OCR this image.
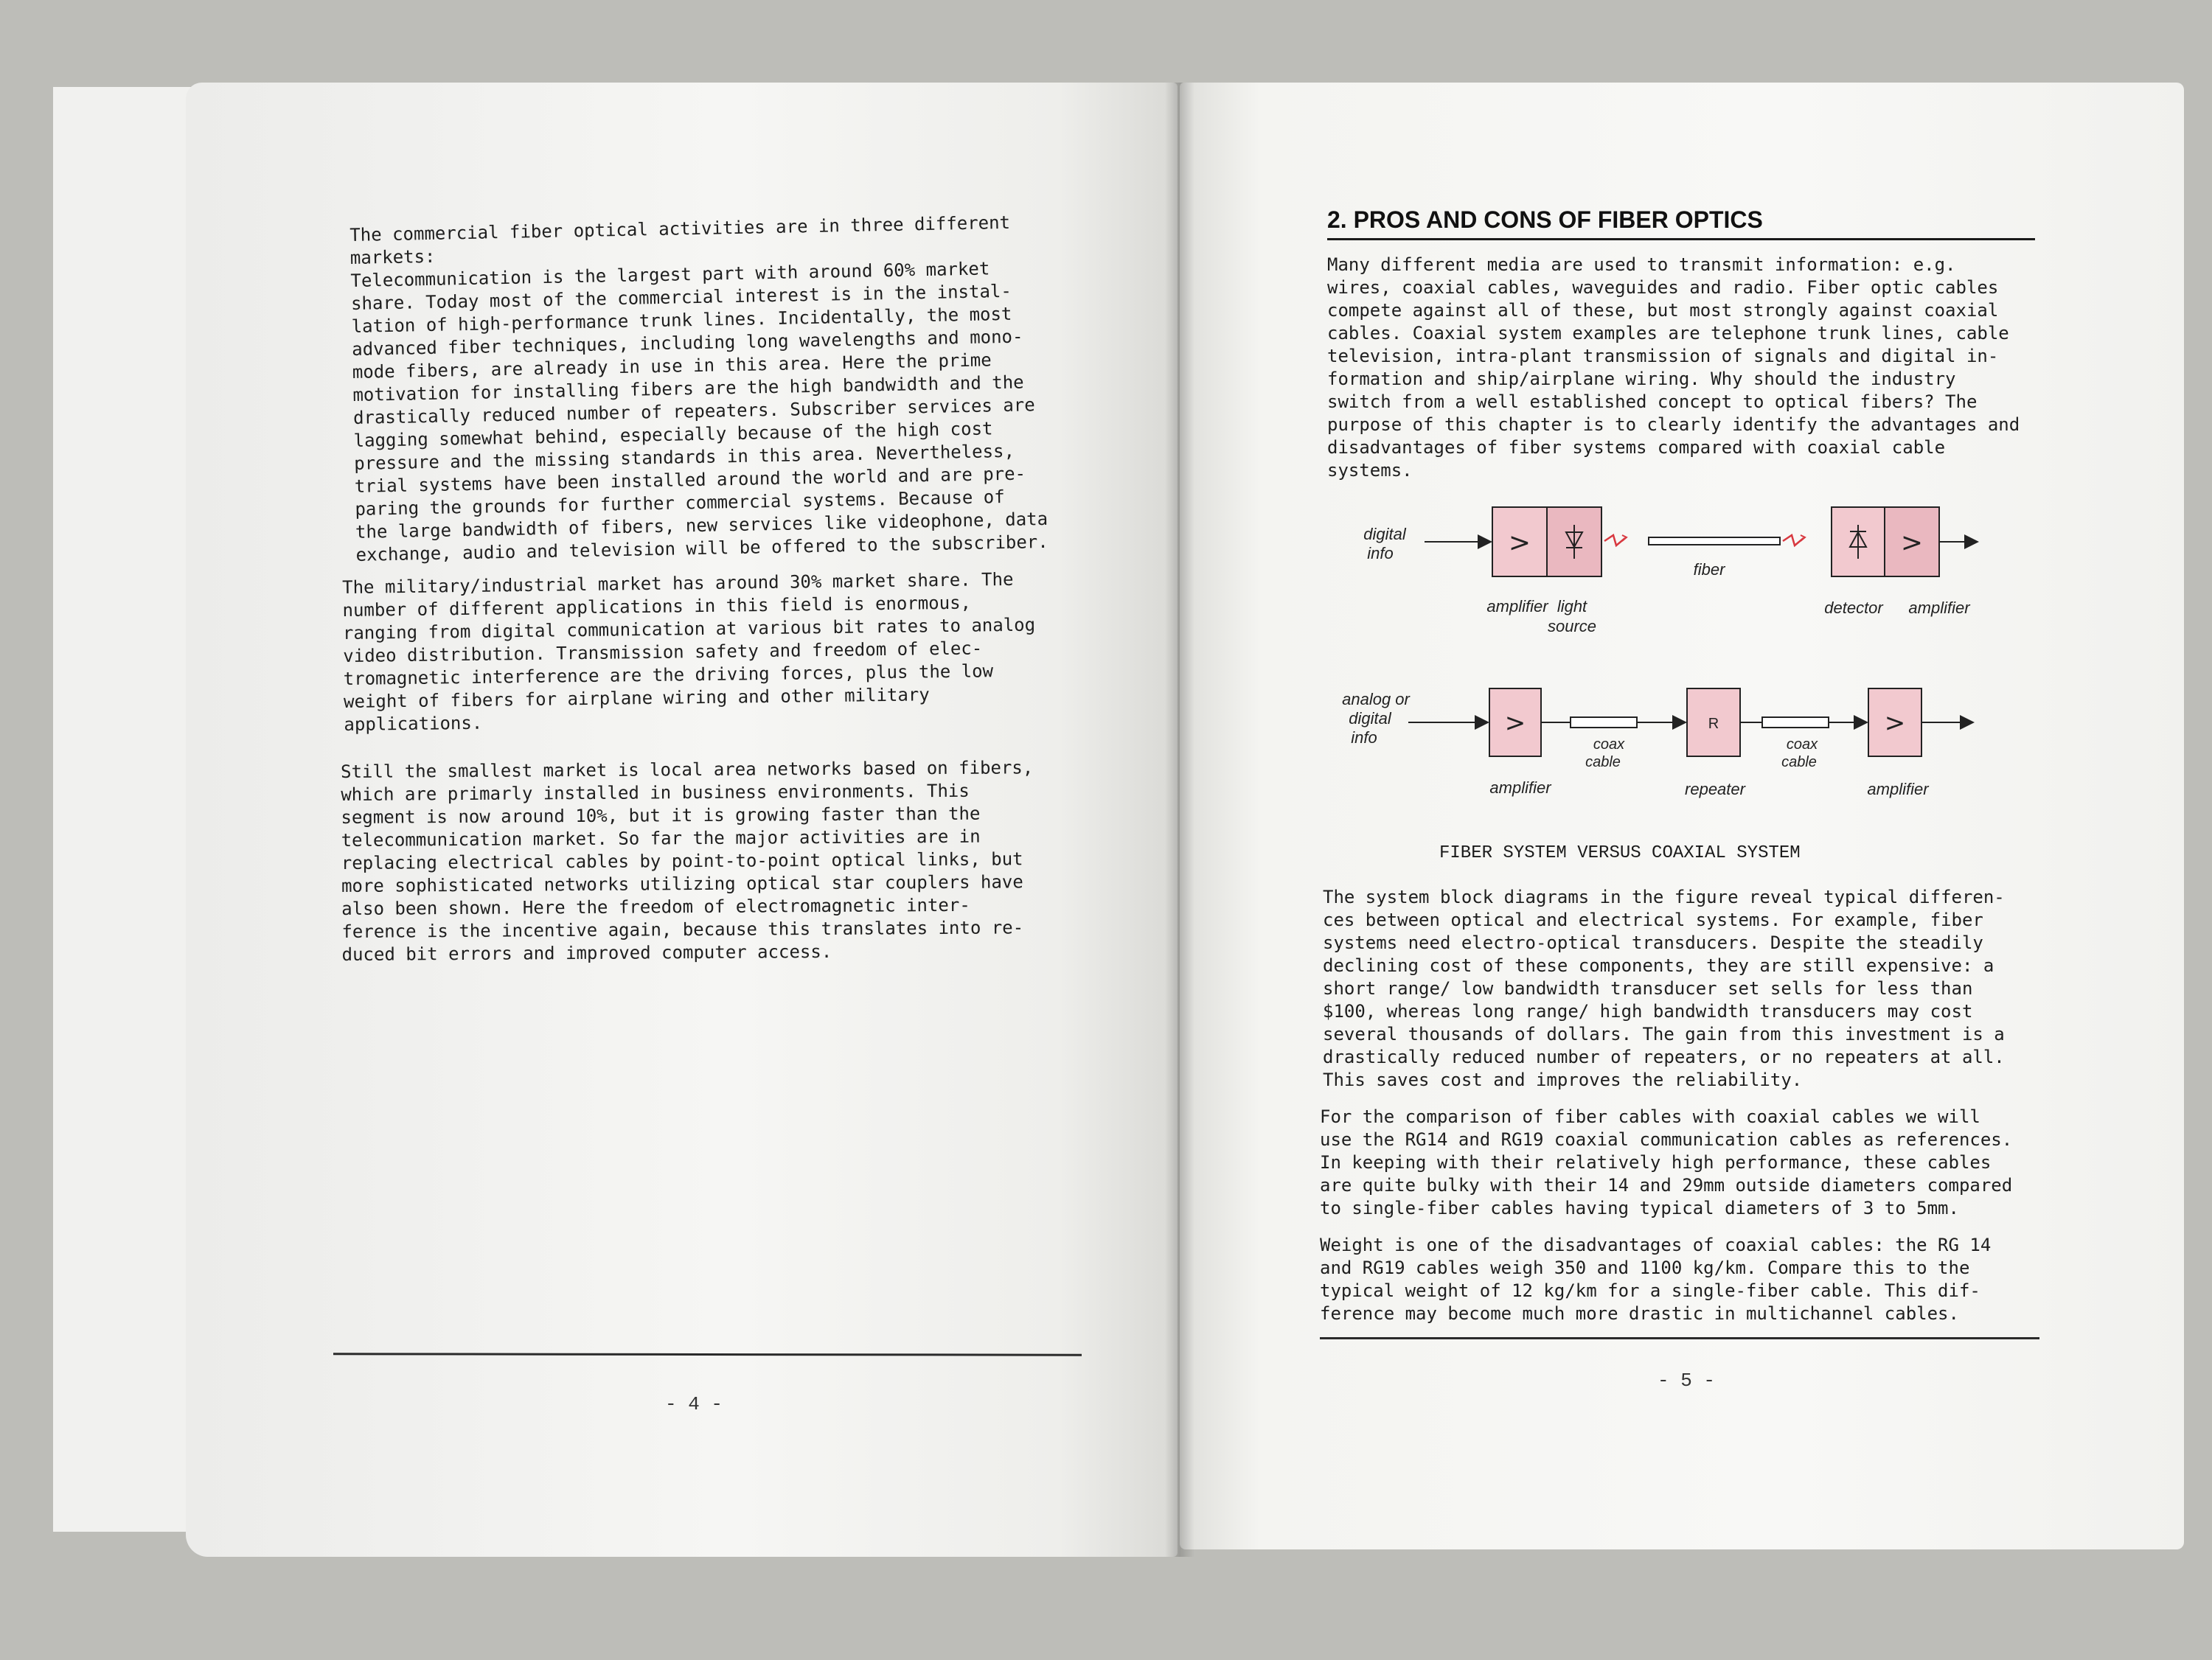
The commercial fiber optical activities are in three different
markets:
Telecommunication is the largest part with around 60% market
share. Today most of the commercial interest is in the instal-
lation of high-performance trunk lines. Incidentally, the most
advanced fiber techniques, including long wavelengths and mono-
mode fibers, are already in use in this area. Here the prime
motivation for installing fibers are the high bandwidth and the
drastically reduced number of repeaters. Subscriber services are
lagging somewhat behind, especially because of the high cost
pressure and the missing standards in this area. Nevertheless,
trial systems have been installed around the world and are pre-
paring the grounds for further commercial systems. Because of
the large bandwidth of fibers, new services like videophone, data
exchange, audio and television will be offered to the subscriber.
The military/industrial market has around 30% market share. The
number of different applications in this field is enormous,
ranging from digital communication at various bit rates to analog
video distribution. Transmission safety and freedom of elec-
tromagnetic interference are the driving forces, plus the low
weight of fibers for airplane wiring and other military
applications.
Still the smallest market is local area networks based on fibers,
which are primarly installed in business environments. This
segment is now around 10%, but it is growing faster than the
telecommunication market. So far the major activities are in
replacing electrical cables by point-to-point optical links, but
more sophisticated networks utilizing optical star couplers have
also been shown. Here the freedom of electromagnetic inter-
ference is the incentive again, because this translates into re-
duced bit errors and improved computer access.
- 4 -
2. PROS AND CONS OF FIBER OPTICS
Many different media are used to transmit information: e.g.
wires, coaxial cables, waveguides and radio. Fiber optic cables
compete against all of these, but most strongly against coaxial
cables. Coaxial system examples are telephone trunk lines, cable
television, intra-plant transmission of signals and digital in-
formation and ship/airplane wiring. Why should the industry
switch from a well established concept to optical fibers? The
purpose of this chapter is to clearly identify the advantages and
disadvantages of fiber systems compared with coaxial cable
systems.
digital
info	>
fiber
>
amplifier light
source
detector amplifier
analog or
digital
info	>
coax
cable
R
coax
cable
>
amplifier	repeater	amplifier
FIBER SYSTEM VERSUS COAXIAL SYSTEM
The system block diagrams in the figure reveal typical differen-
ces between optical and electrical systems. For example, fiber
systems need electro-optical transducers. Despite the steadily
declining cost of these components, they are still expensive: a
short range/ low bandwidth transducer set sells for less than
$100, whereas long range/ high bandwidth transducers may cost
several thousands of dollars. The gain from this investment is a
drastically reduced number of repeaters, or no repeaters at all.
This saves cost and improves the reliability.
For the comparison of fiber cables with coaxial cables we will
use the RG14 and RG19 coaxial communication cables as references.
In keeping with their relatively high performance, these cables
are quite bulky with their 14 and 29mm outside diameters compared
to single-fiber cables having typical diameters of 3 to 5mm.
Weight is one of the disadvantages of coaxial cables: the RG 14
and RG19 cables weigh 350 and 1100 kg/km. Compare this to the
typical weight of 12 kg/km for a single-fiber cable. This dif-
ference may become much more drastic in multichannel cables.
- 5 -
